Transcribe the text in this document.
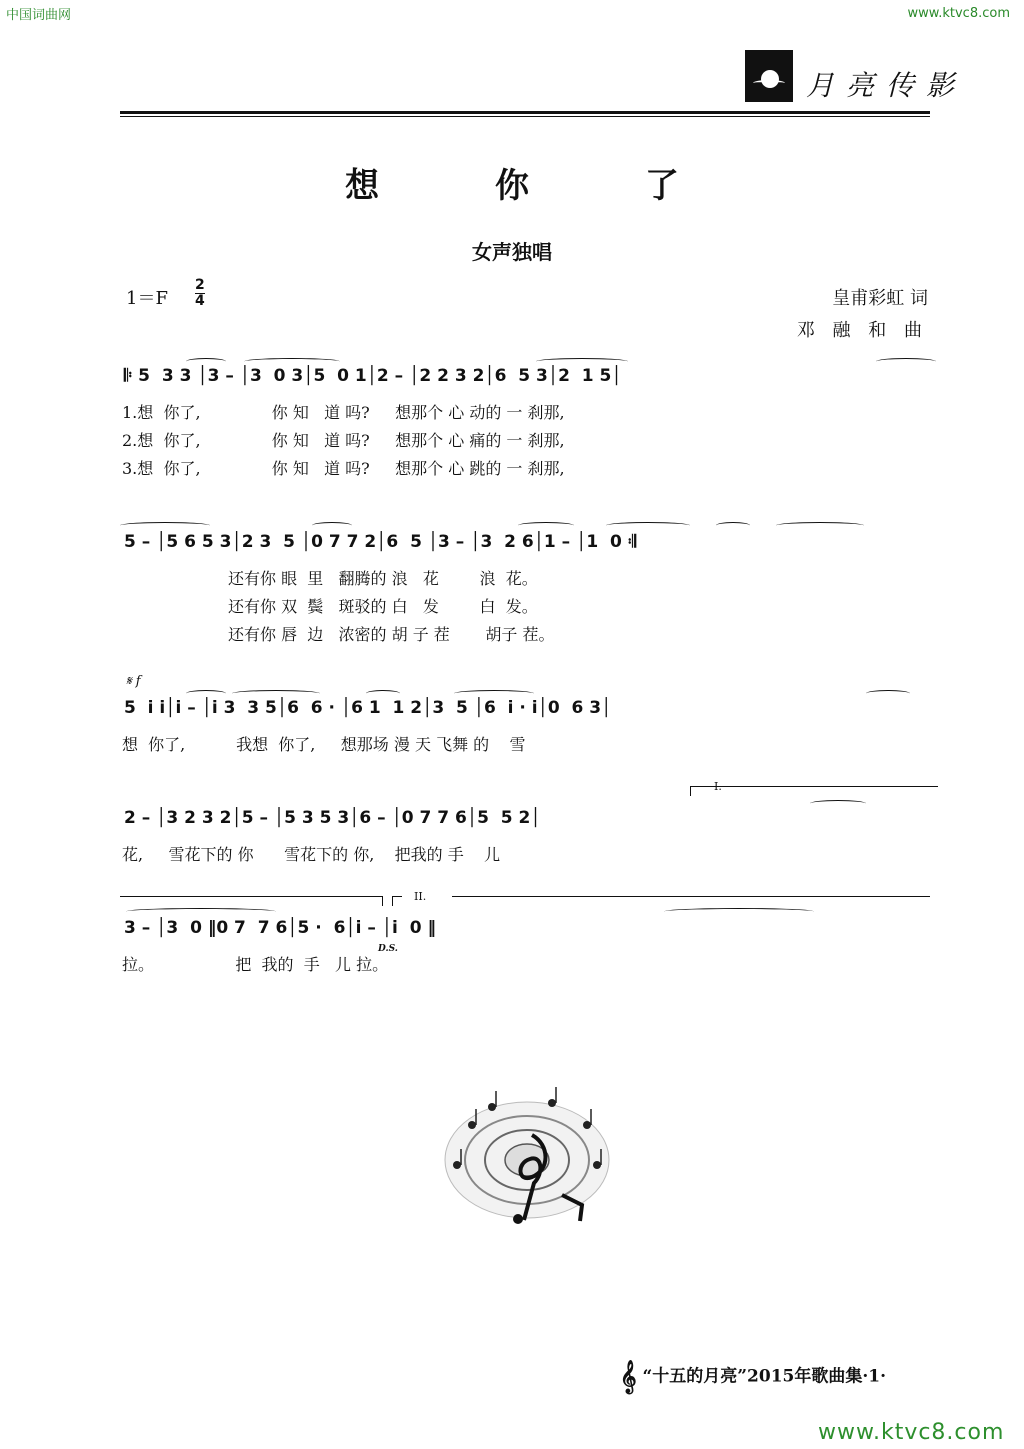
中国词曲网	www.ktvc8.com
月亮传影
想 你 了
女声独唱
1＝F
2
4	皇甫彩虹 词
邓 融 和 曲
𝄆 5  3 3 │3 – │3  0 3│5  0 1│2 – │2 2 3 2│6  5 3│2  1 5│
1.想  你了,              你 知   道 吗?     想那个 心 动的 一 刹那,
2.想  你了,              你 知   道 吗?     想那个 心 痛的 一 刹那,
3.想  你了,              你 知   道 吗?     想那个 心 跳的 一 刹那,
5 – │5 6 5 3│2 3  5 │0 7 7 2│6  5 │3 – │3  2 6│1 – │1  0 𝄇
还有你 眼  里   翻腾的 浪   花        浪  花。
还有你 双  鬓   斑驳的 白   发        白  发。
还有你 唇  边   浓密的 胡 子 茬       胡子 茬。
𝄋 f
5  i i│i – │i 3  3 5│6  6 · │6 1  1 2│3  5 │6  i · i│0  6 3│
想  你了,          我想  你了,     想那场 漫 天 飞舞 的    雪
I.
2 – │3 2 3 2│5 – │5 3 5 3│6 – │0 7 7 6│5  5 2│
花,     雪花下的 你      雪花下的 你,    把我的 手    儿
II.
3 – │3  0 ‖0 7  7 6│5 ·  6│i – │i  0 ‖
D.S.
拉。                把  我的  手   儿 拉。
𝄞 “十五的月亮”2015年歌曲集·1·
www.ktvc8.com
